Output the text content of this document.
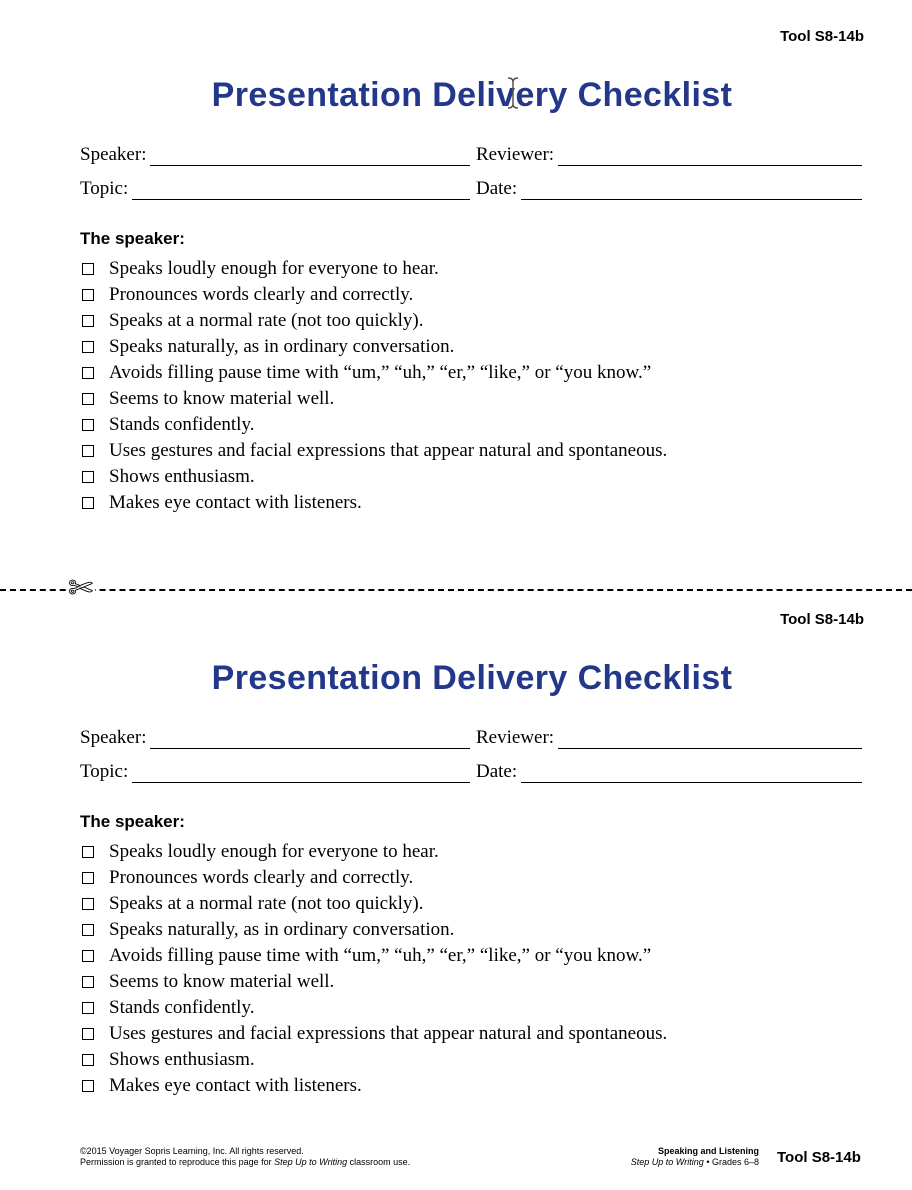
Tool S8-14b
Presentation Delivery Checklist
Speaker:	Reviewer:
Topic:	Date:
The speaker:
Speaks loudly enough for everyone to hear.
Pronounces words clearly and correctly.
Speaks at a normal rate (not too quickly).
Speaks naturally, as in ordinary conversation.
Avoids filling pause time with “um,” “uh,” “er,” “like,” or “you know.”
Seems to know material well.
Stands confidently.
Uses gestures and facial expressions that appear natural and spontaneous.
Shows enthusiasm.
Makes eye contact with listeners.
✄
Tool S8-14b
Presentation Delivery Checklist
Speaker:	Reviewer:
Topic:	Date:
The speaker:
Speaks loudly enough for everyone to hear.
Pronounces words clearly and correctly.
Speaks at a normal rate (not too quickly).
Speaks naturally, as in ordinary conversation.
Avoids filling pause time with “um,” “uh,” “er,” “like,” or “you know.”
Seems to know material well.
Stands confidently.
Uses gestures and facial expressions that appear natural and spontaneous.
Shows enthusiasm.
Makes eye contact with listeners.
©2015 Voyager Sopris Learning, Inc. All rights reserved.
Permission is granted to reproduce this page for Step Up to Writing classroom use.
Speaking and Listening
Step Up to Writing • Grades 6–8 Tool S8-14b
